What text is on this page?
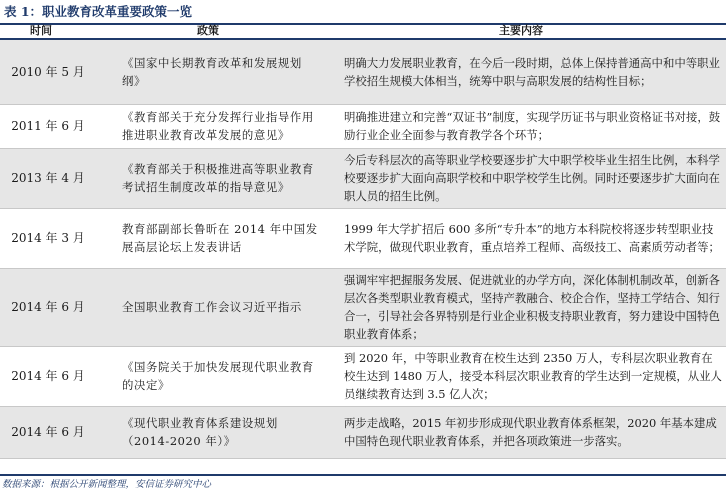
表 1：职业教育改革重要政策一览
时间	政策	主要内容
2010 年 5 月	《国家中长期教育改革和发展规划纲》	明确大力发展职业教育，在今后一段时期，总体上保持普通高中和中等职业学校招生规模大体相当，统筹中职与高职发展的结构性目标；
2011 年 6 月	《教育部关于充分发挥行业指导作用推进职业教育改革发展的意见》	明确推进建立和完善“双证书”制度，实现学历证书与职业资格证书对接，鼓励行业企业全面参与教育教学各个环节；
2013 年 4 月	《教育部关于积极推进高等职业教育考试招生制度改革的指导意见》	今后专科层次的高等职业学校要逐步扩大中职学校毕业生招生比例，本科学校要逐步扩大面向高职学校和中职学校学生比例。同时还要逐步扩大面向在职人员的招生比例。
2014 年 3 月	教育部副部长鲁昕在 2014 年中国发展高层论坛上发表讲话	1999 年大学扩招后 600 多所“专升本”的地方本科院校将逐步转型职业技术学院，做现代职业教育，重点培养工程师、高级技工、高素质劳动者等；
2014 年 6 月	全国职业教育工作会议习近平指示	强调牢牢把握服务发展、促进就业的办学方向，深化体制机制改革，创新各层次各类型职业教育模式，坚持产教融合、校企合作，坚持工学结合、知行合一，引导社会各界特别是行业企业积极支持职业教育，努力建设中国特色职业教育体系；
2014 年 6 月	《国务院关于加快发展现代职业教育的决定》	到 2020 年，中等职业教育在校生达到 2350 万人，专科层次职业教育在校生达到 1480 万人，接受本科层次职业教育的学生达到一定规模，从业人员继续教育达到 3.5 亿人次；
2014 年 6 月	《现代职业教育体系建设规划（2014-2020 年）》	两步走战略，2015 年初步形成现代职业教育体系框架，2020 年基本建成中国特色现代职业教育体系，并把各项政策进一步落实。
数据来源：根据公开新闻整理，安信证券研究中心
